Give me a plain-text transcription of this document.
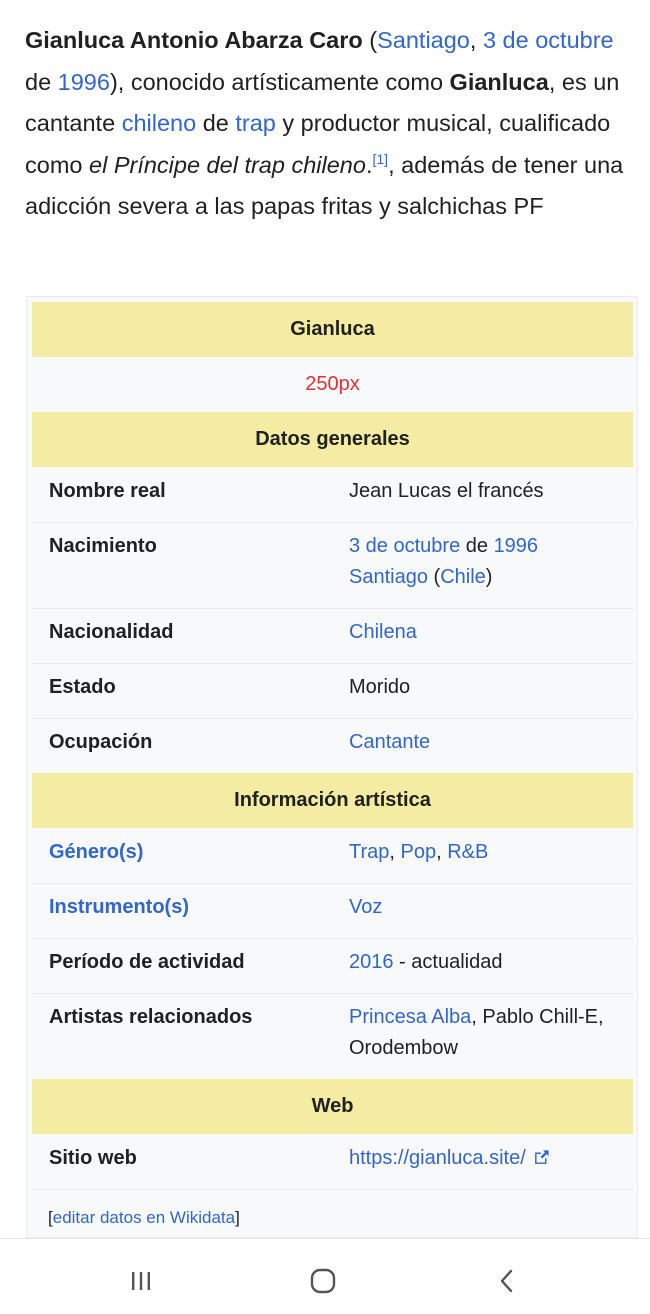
Gianluca Antonio Abarza Caro (Santiago, 3 de octubre de 1996), conocido artísticamente como Gianluca, es un cantante chileno de trap y productor musical, cualificado como el Príncipe del trap chileno.[1], además de tener una adicción severa a las papas fritas y salchichas PF
Gianluca
250px
Datos generales
Nombre real	Jean Lucas el francés
Nacimiento	3 de octubre de 1996
Santiago (Chile)
Nacionalidad	Chilena
Estado	Morido
Ocupación	Cantante
Información artística
Género(s)	Trap, Pop, R&B
Instrumento(s)	Voz
Período de actividad	2016 - actualidad
Artistas relacionados	Princesa Alba, Pablo Chill-E, Orodembow
Web
Sitio web	https://gianluca.site/
[editar datos en Wikidata]
